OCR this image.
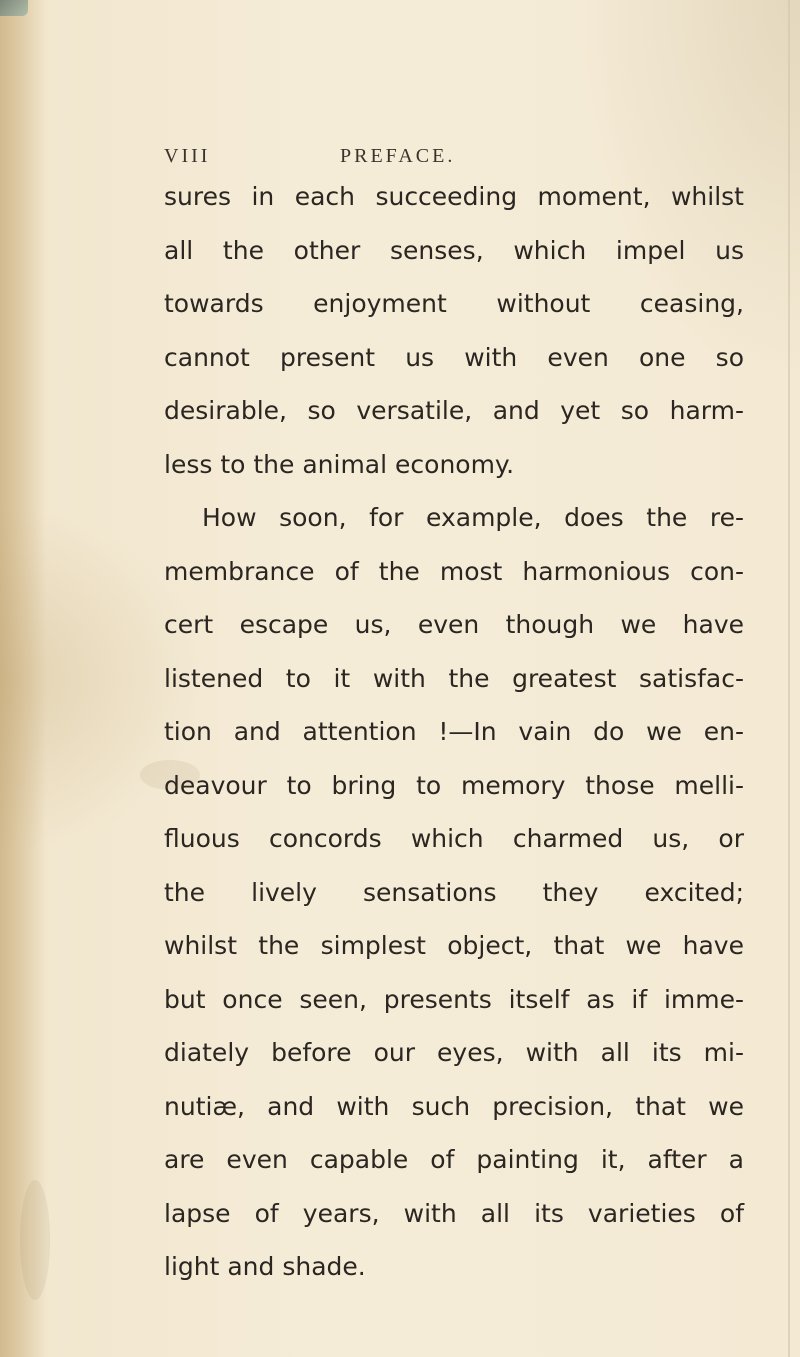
VIII	PREFACE.
sures in each succeeding moment, whilst
all the other senses, which impel us
towards enjoyment without ceasing,
cannot present us with even one so
desirable, so versatile, and yet so harm-
less to the animal economy.
How soon, for example, does the re-
membrance of the most harmonious con-
cert escape us, even though we have
listened to it with the greatest satisfac-
tion and attention !—In vain do we en-
deavour to bring to memory those melli-
fluous concords which charmed us, or
the lively sensations they excited;
whilst the simplest object, that we have
but once seen, presents itself as if imme-
diately before our eyes, with all its mi-
nutiæ, and with such precision, that we
are even capable of painting it, after a
lapse of years, with all its varieties of
light and shade.
